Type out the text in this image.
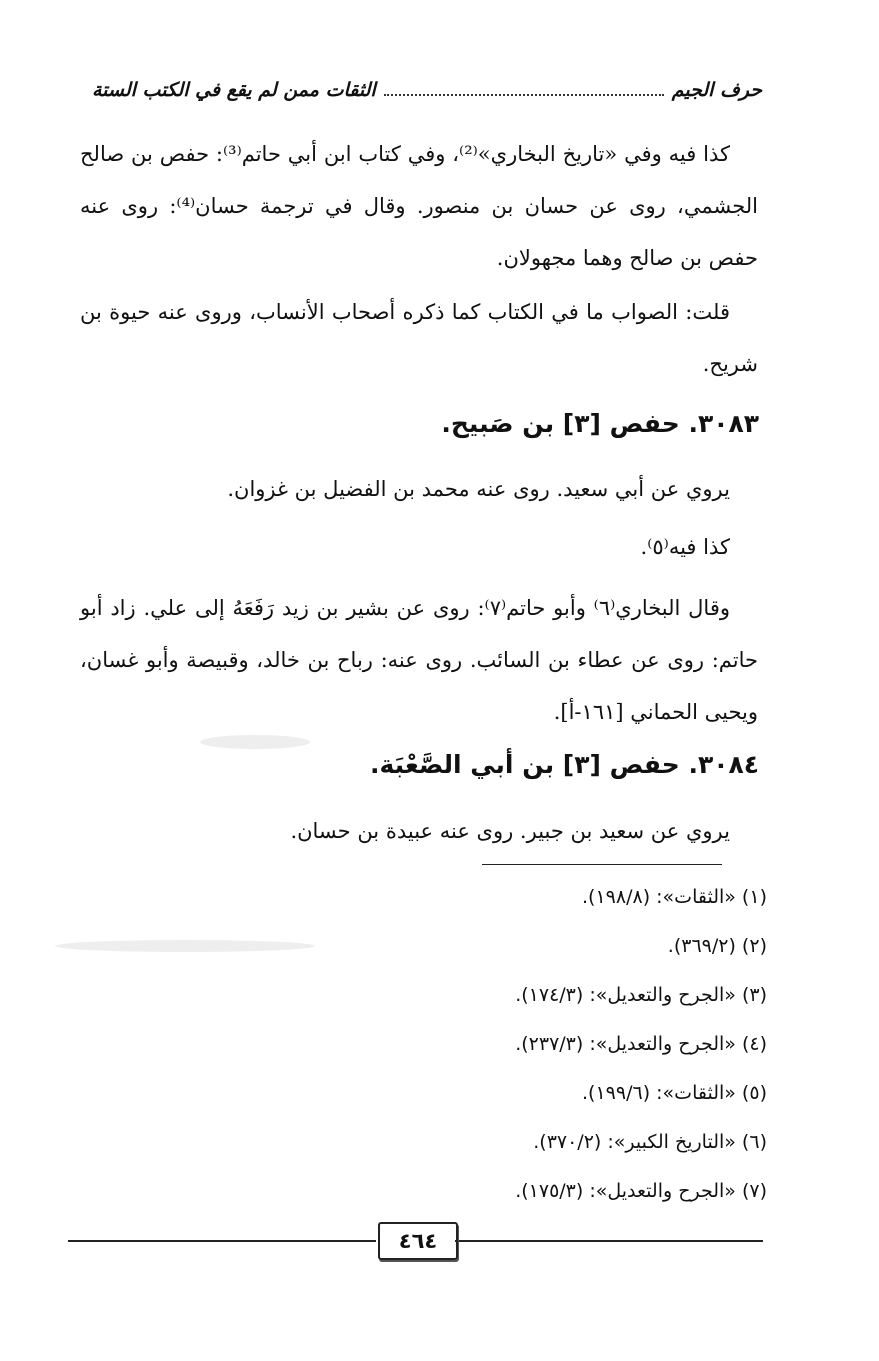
حرف الجيم
الثقات ممن لم يقع في الكتب الستة
كذا فيه وفي «تاريخ البخاري»⁽²⁾، وفي كتاب ابن أبي حاتم⁽³⁾: حفص بن صالح الجشمي، روى عن حسان بن منصور. وقال في ترجمة حسان⁽⁴⁾: روى عنه حفص بن صالح وهما مجهولان.
قلت: الصواب ما في الكتاب كما ذكره أصحاب الأنساب، وروى عنه حيوة بن شريح.
٣٠٨٣. حفص [٣] بن صَبيح.
يروي عن أبي سعيد. روى عنه محمد بن الفضيل بن غزوان.
كذا فيه⁽٥⁾.
وقال البخاري⁽٦⁾ وأبو حاتم⁽٧⁾: روى عن بشير بن زيد رَفَعَهُ إلى علي. زاد أبو حاتم: روى عن عطاء بن السائب. روى عنه: رباح بن خالد، وقبيصة وأبو غسان، ويحيى الحماني [١٦١-أ].
٣٠٨٤. حفص [٣] بن أبي الصَّعْبَة.
يروي عن سعيد بن جبير. روى عنه عبيدة بن حسان.
(١) «الثقات»: (١٩٨/٨).
(٢) (٣٦٩/٢).
(٣) «الجرح والتعديل»: (١٧٤/٣).
(٤) «الجرح والتعديل»: (٢٣٧/٣).
(٥) «الثقات»: (١٩٩/٦).
(٦) «التاريخ الكبير»: (٣٧٠/٢).
(٧) «الجرح والتعديل»: (١٧٥/٣).
٤٦٤
